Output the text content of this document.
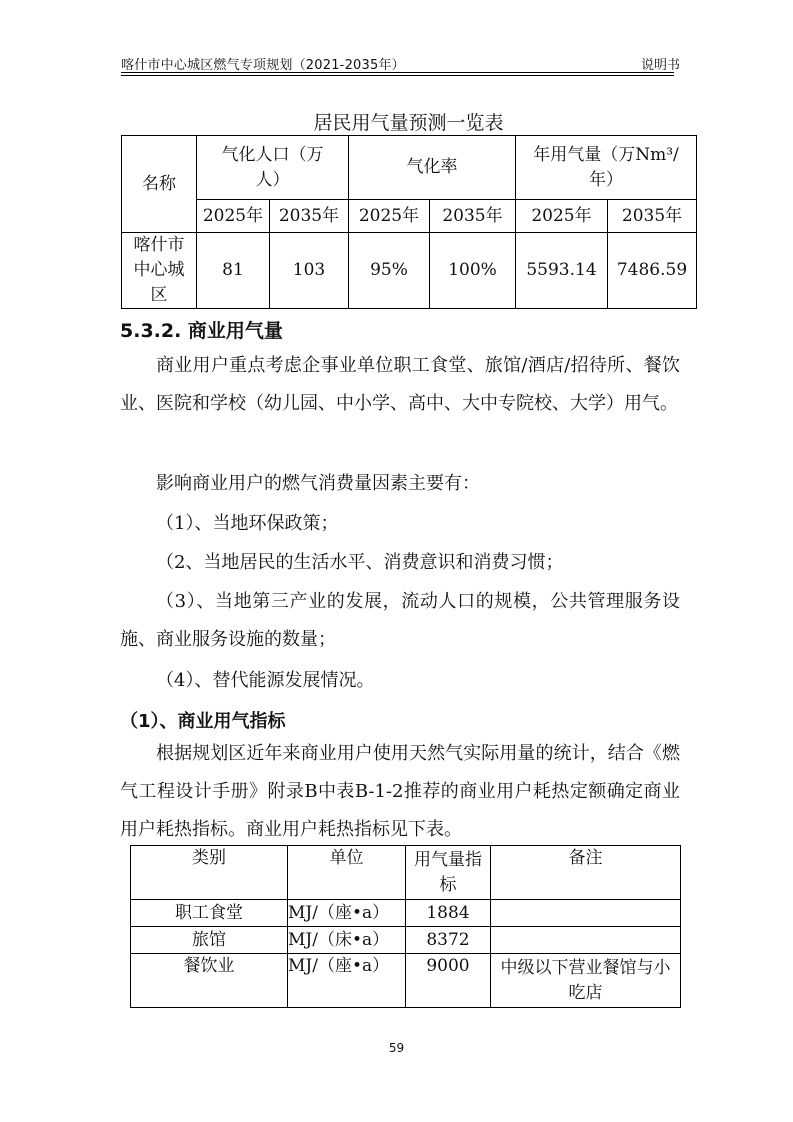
喀什市中心城区燃气专项规划（2021-2035年）	说明书
居民用气量预测一览表
名称	气化人口（万人）		气化率		年用气量（万Nm³/年）	
	2025年	2035年	2025年	2035年	2025年	2035年
喀什市中心城区	81	103	95%	100%	5593.14	7486.59
5.3.2. 商业用气量

商业用户重点考虑企事业单位职工食堂、旅馆/酒店/招待所、餐饮业、医院和学校（幼儿园、中小学、高中、大中专院校、大学）用气。

影响商业用户的燃气消费量因素主要有：

（1）、当地环保政策；

（2、当地居民的生活水平、消费意识和消费习惯；

（3）、当地第三产业的发展，流动人口的规模，公共管理服务设施、商业服务设施的数量；

（4）、替代能源发展情况。

（1）、商业用气指标

根据规划区近年来商业用户使用天然气实际用量的统计，结合《燃气工程设计手册》附录B中表B-1-2推荐的商业用户耗热定额确定商业用户耗热指标。商业用户耗热指标见下表。

类别	单位	用气量指标	备注
职工食堂	MJ/（座•a）	1884	
旅馆	MJ/（床•a）	8372	
餐饮业	MJ/（座•a）	9000	中级以下营业餐馆与小吃店
59
